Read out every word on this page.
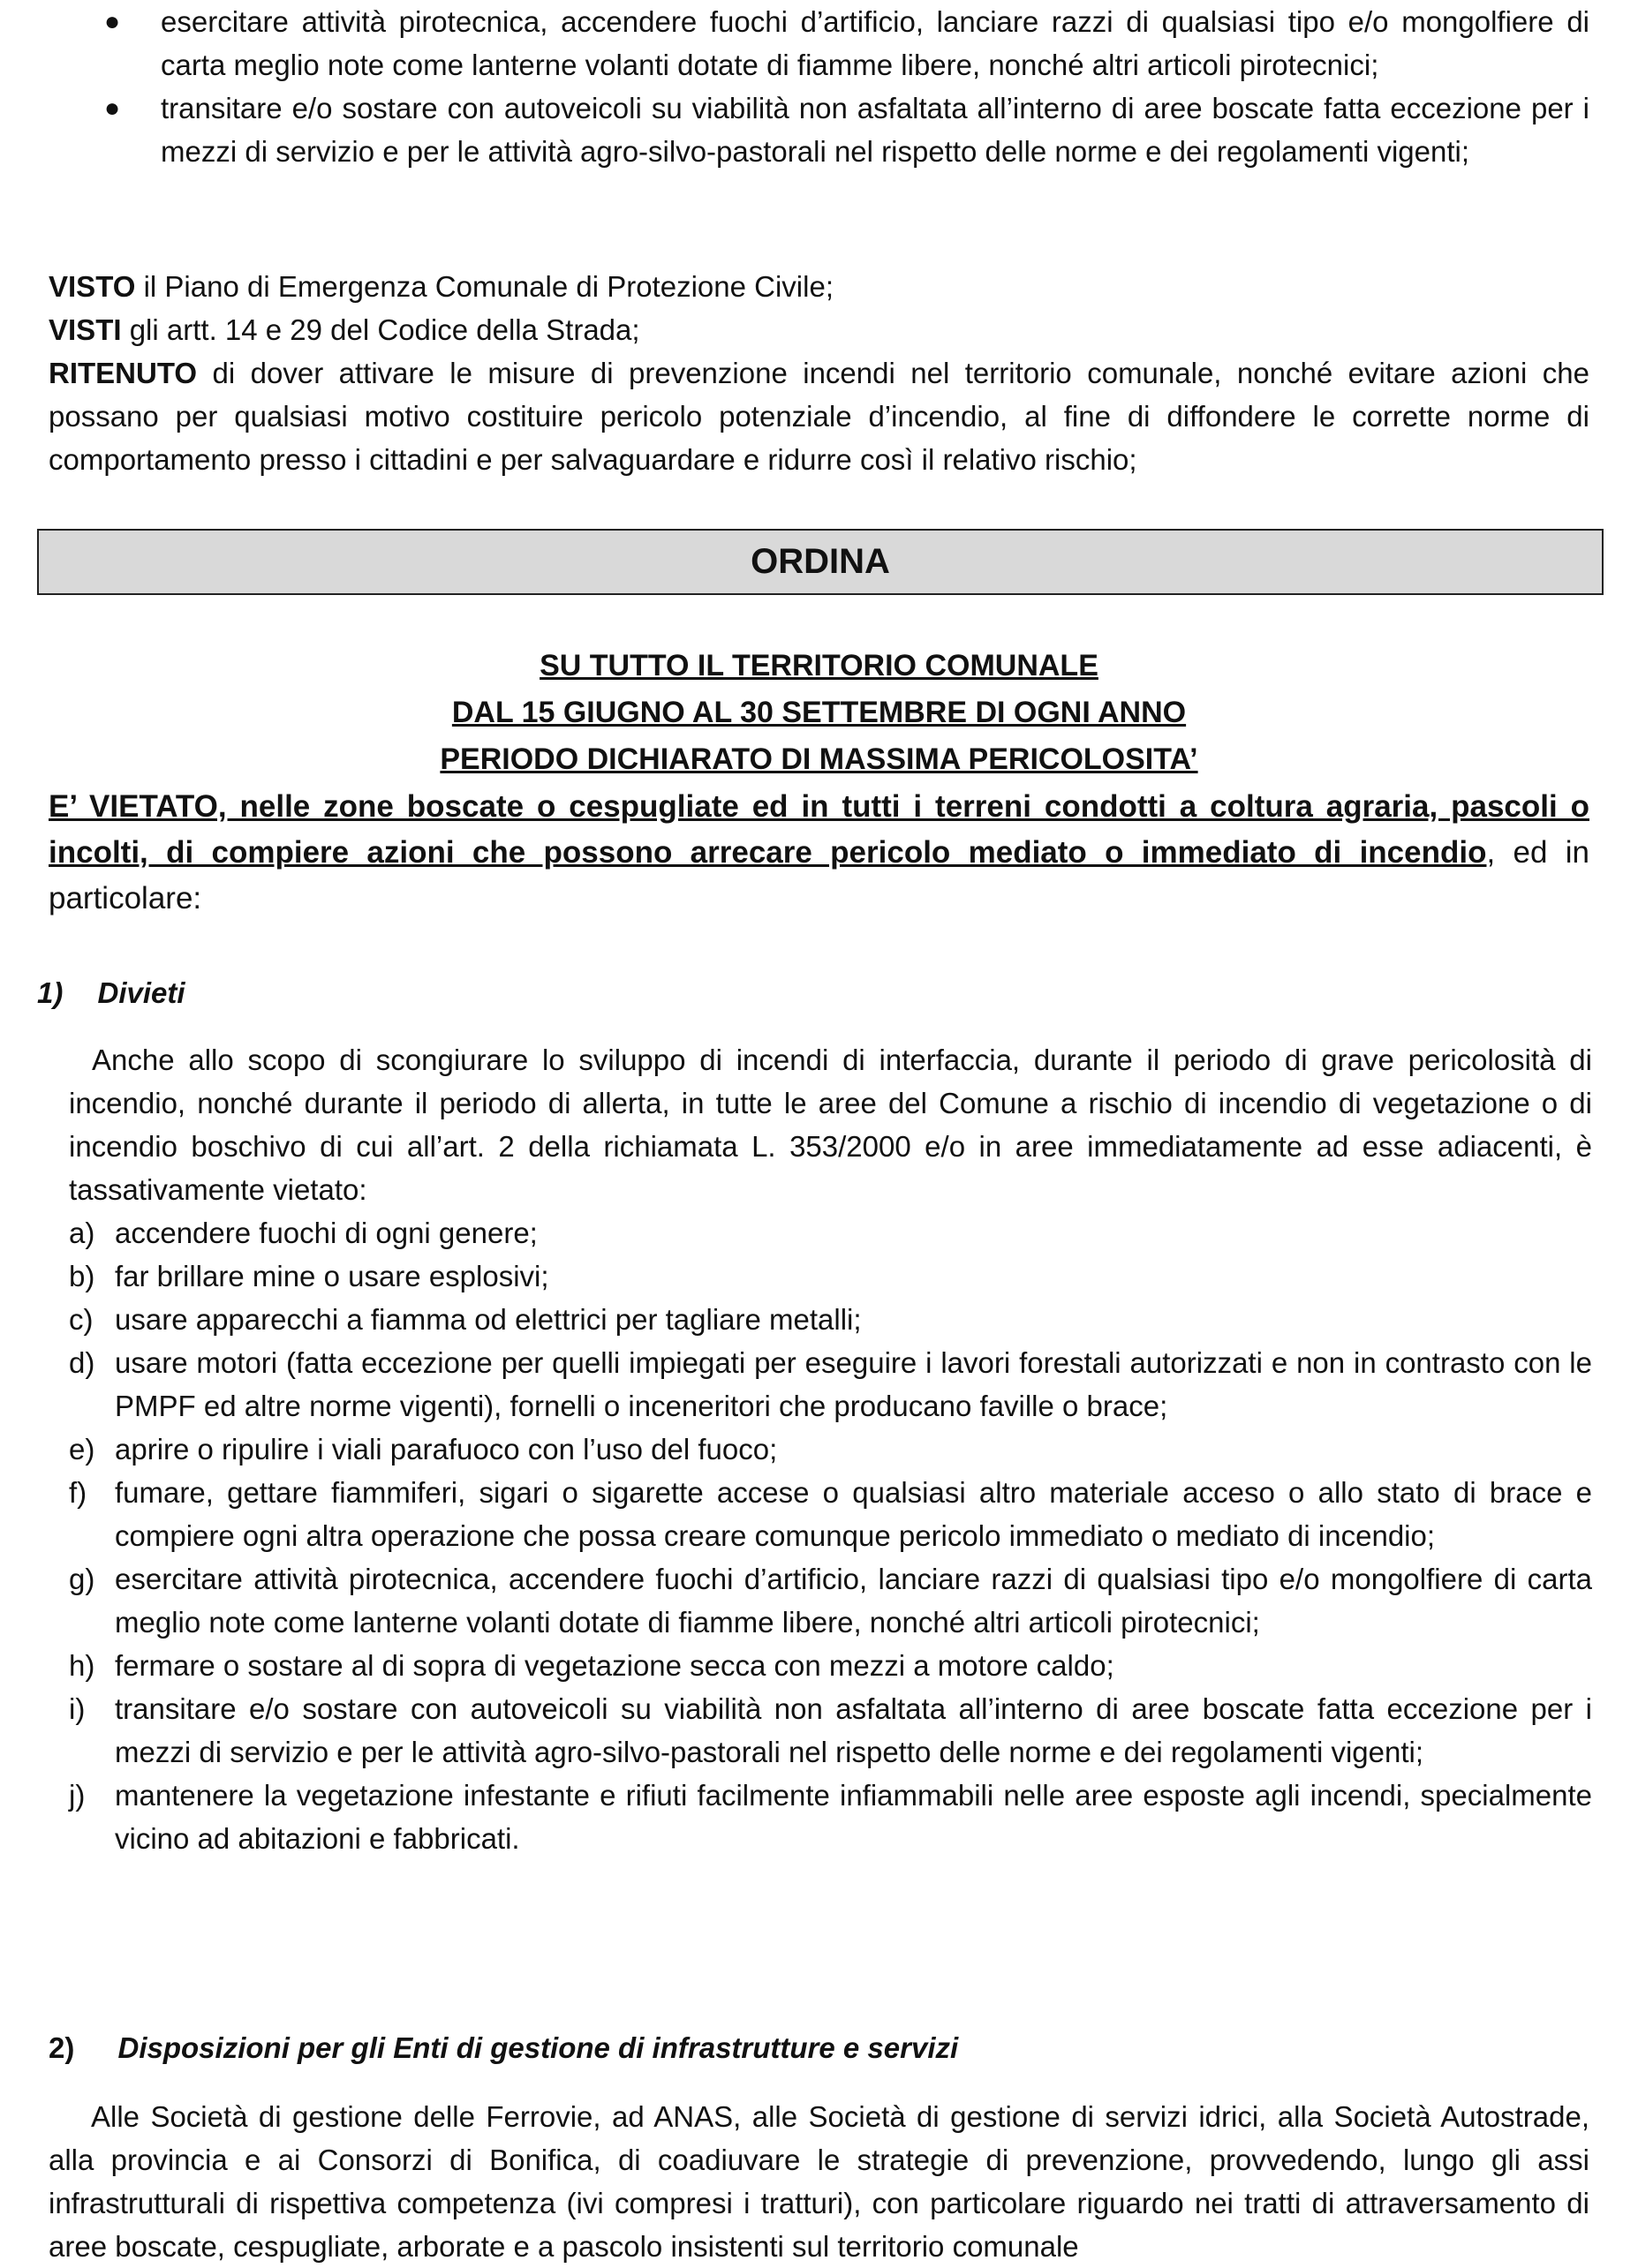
● esercitare attività pirotecnica, accendere fuochi d’artificio, lanciare razzi di qualsiasi tipo e/o mongolfiere di carta meglio note come lanterne volanti dotate di fiamme libere, nonché altri articoli pirotecnici;
● transitare e/o sostare con autoveicoli su viabilità non asfaltata all’interno di aree boscate fatta eccezione per i mezzi di servizio e per le attività agro-silvo-pastorali nel rispetto delle norme e dei regolamenti vigenti;

VISTO il Piano di Emergenza Comunale di Protezione Civile;

VISTI gli artt. 14 e 29 del Codice della Strada;

RITENUTO di dover attivare le misure di prevenzione incendi nel territorio comunale, nonché evitare azioni che possano per qualsiasi motivo costituire pericolo potenziale d’incendio, al fine di diffondere le corrette norme di comportamento presso i cittadini e per salvaguardare e ridurre così il relativo rischio;

ORDINA
SU TUTTO IL TERRITORIO COMUNALE
DAL 15 GIUGNO AL 30 SETTEMBRE DI OGNI ANNO
PERIODO DICHIARATO DI MASSIMA PERICOLOSITA’

E’ VIETATO, nelle zone boscate o cespugliate ed in tutti i terreni condotti a coltura agraria, pascoli o incolti, di compiere azioni che possono arrecare pericolo mediato o immediato di incendio, ed in particolare:

1) Divieti

Anche allo scopo di scongiurare lo sviluppo di incendi di interfaccia, durante il periodo di grave pericolosità di incendio, nonché durante il periodo di allerta, in tutte le aree del Comune a rischio di incendio di vegetazione o di incendio boschivo di cui all’art. 2 della richiamata L. 353/2000 e/o in aree immediatamente ad esse adiacenti, è tassativamente vietato:

a) accendere fuochi di ogni genere;
b) far brillare mine o usare esplosivi;
c) usare apparecchi a fiamma od elettrici per tagliare metalli;
d) usare motori (fatta eccezione per quelli impiegati per eseguire i lavori forestali autorizzati e non in contrasto con le PMPF ed altre norme vigenti), fornelli o inceneritori che producano faville o brace;
e) aprire o ripulire i viali parafuoco con l’uso del fuoco;
f) fumare, gettare fiammiferi, sigari o sigarette accese o qualsiasi altro materiale acceso o allo stato di brace e compiere ogni altra operazione che possa creare comunque pericolo immediato o mediato di incendio;
g) esercitare attività pirotecnica, accendere fuochi d’artificio, lanciare razzi di qualsiasi tipo e/o mongolfiere di carta meglio note come lanterne volanti dotate di fiamme libere, nonché altri articoli pirotecnici;
h) fermare o sostare al di sopra di vegetazione secca con mezzi a motore caldo;
i) transitare e/o sostare con autoveicoli su viabilità non asfaltata all’interno di aree boscate fatta eccezione per i mezzi di servizio e per le attività agro-silvo-pastorali nel rispetto delle norme e dei regolamenti vigenti;
j) mantenere la vegetazione infestante e rifiuti facilmente infiammabili nelle aree esposte agli incendi, specialmente vicino ad abitazioni e fabbricati.
2) Disposizioni per gli Enti di gestione di infrastrutture e servizi

Alle Società di gestione delle Ferrovie, ad ANAS, alle Società di gestione di servizi idrici, alla Società Autostrade, alla provincia e ai Consorzi di Bonifica, di coadiuvare le strategie di prevenzione, provvedendo, lungo gli assi infrastrutturali di rispettiva competenza (ivi compresi i tratturi), con particolare riguardo nei tratti di attraversamento di aree boscate, cespugliate, arborate e a pascolo insistenti sul territorio comunale
